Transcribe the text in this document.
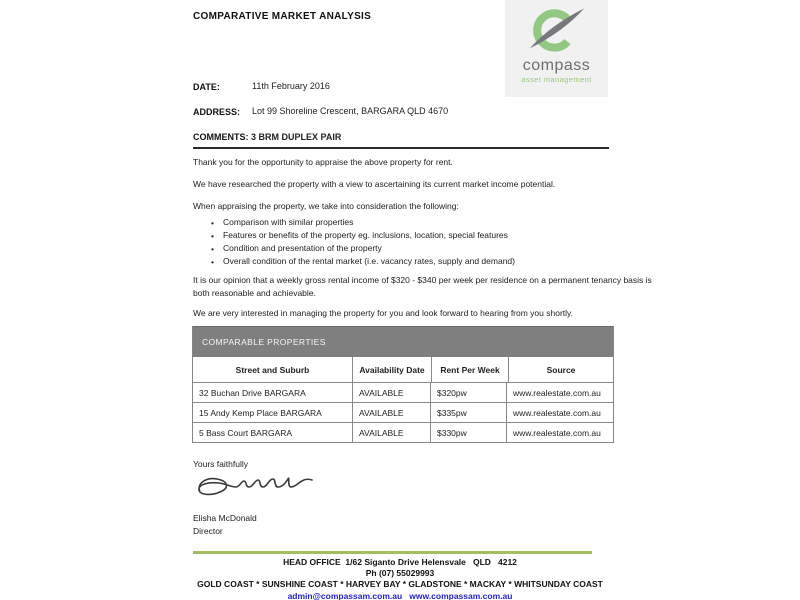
COMPARATIVE MARKET ANALYSIS
compass
asset management
DATE:	11th February 2016
ADDRESS: Lot 99 Shoreline Crescent, BARGARA QLD 4670
COMMENTS: 3 BRM DUPLEX PAIR
Thank you for the opportunity to appraise the above property for rent.
We have researched the property with a view to ascertaining its current market income potential.
When appraising the property, we take into consideration the following:
•	Comparison with similar properties
•	Features or benefits of the property eg. inclusions, location, special features
•	Condition and presentation of the property
•	Overall condition of the rental market (i.e. vacancy rates, supply and demand)
It is our opinion that a weekly gross rental income of $320 - $340 per week per residence on a permanent tenancy basis is both reasonable and achievable.
We are very interested in managing the property for you and look forward to hearing from you shortly.
COMPARABLE PROPERTIES
Street and Suburb	Availability Date	Rent Per Week	Source
32 Buchan Drive BARGARA	AVAILABLE	$320pw	www.realestate.com.au
15 Andy Kemp Place BARGARA	AVAILABLE	$335pw	www.realestate.com.au
5 Bass Court BARGARA	AVAILABLE	$330pw	www.realestate.com.au
Yours faithfully
Elisha McDonald
Director
HEAD OFFICE  1/62 Siganto Drive Helensvale   QLD   4212
Ph (07) 55029993
GOLD COAST * SUNSHINE COAST * HARVEY BAY * GLADSTONE * MACKAY * WHITSUNDAY COAST
admin@compassam.com.au www.compassam.com.au
